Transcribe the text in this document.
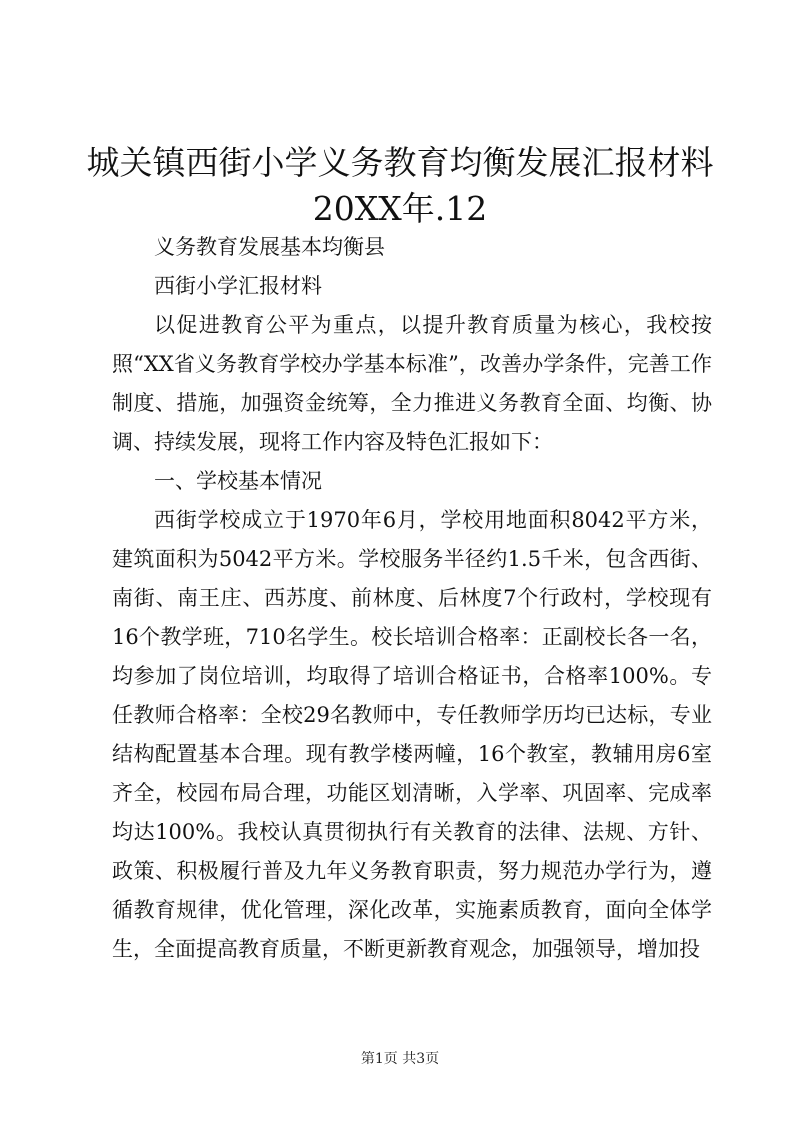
城关镇西街小学义务教育均衡发展汇报材料
20XX年.12

义务教育发展基本均衡县

西街小学汇报材料

以促进教育公平为重点，以提升教育质量为核心，我校按照“XX省义务教育学校办学基本标准”，改善办学条件，完善工作制度、措施，加强资金统筹，全力推进义务教育全面、均衡、协调、持续发展，现将工作内容及特色汇报如下：

一、学校基本情况

西街学校成立于1970年6月，学校用地面积8042平方米，建筑面积为5042平方米。学校服务半径约1.5千米，包含西街、南街、南王庄、西苏度、前林度、后林度7个行政村，学校现有16个教学班，710名学生。校长培训合格率：正副校长各一名，均参加了岗位培训，均取得了培训合格证书，合格率100%。专任教师合格率：全校29名教师中，专任教师学历均已达标，专业结构配置基本合理。现有教学楼两幢，16个教室，教辅用房6室齐全，校园布局合理，功能区划清晰，入学率、巩固率、完成率均达100%。我校认真贯彻执行有关教育的法律、法规、方针、政策、积极履行普及九年义务教育职责，努力规范办学行为，遵循教育规律，优化管理，深化改革，实施素质教育，面向全体学生，全面提高教育质量，不断更新教育观念，加强领导，增加投

第1页 共3页
